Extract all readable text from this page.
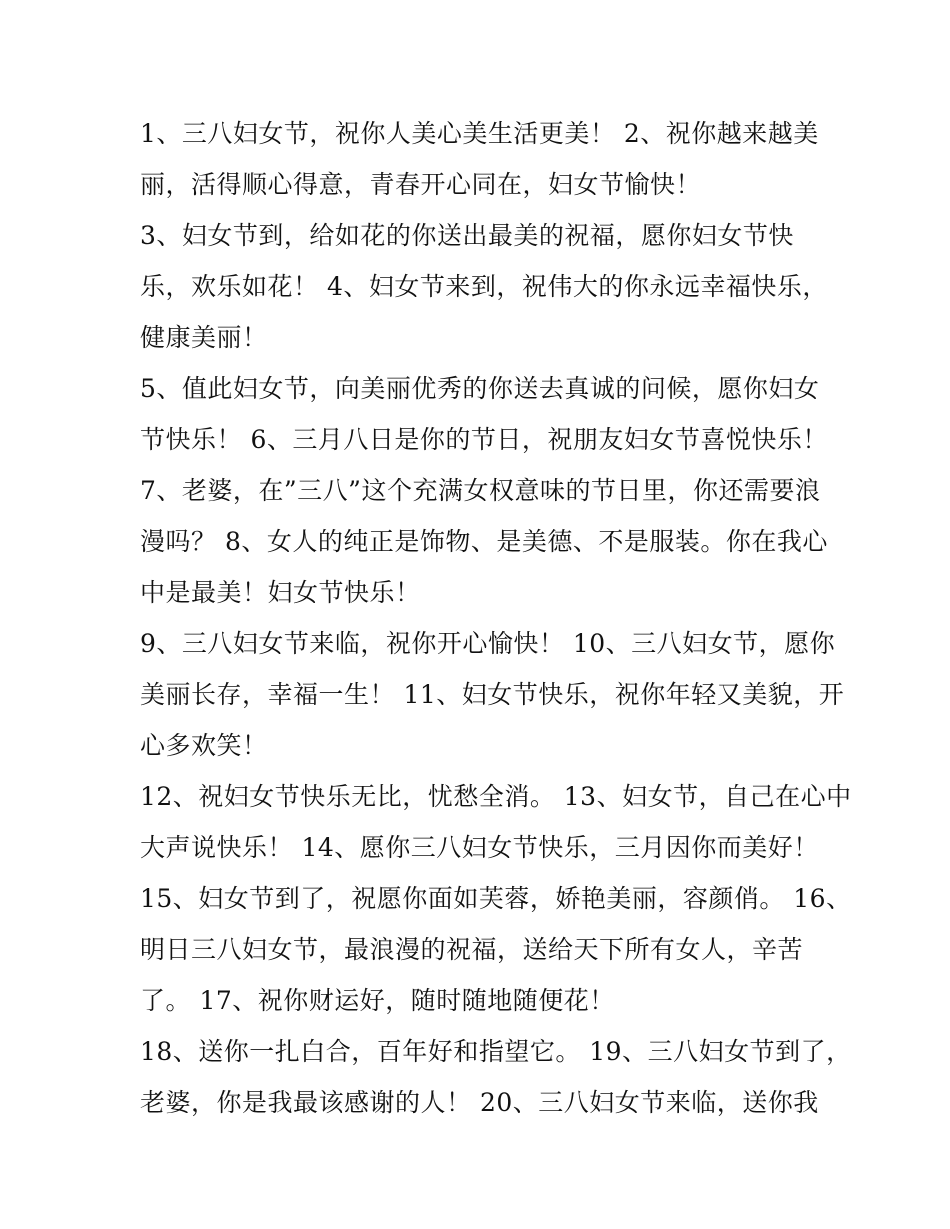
1、三八妇女节，祝你人美心美生活更美！ 2、祝你越来越美
丽，活得顺心得意，青春开心同在，妇女节愉快！
3、妇女节到，给如花的你送出最美的祝福，愿你妇女节快
乐，欢乐如花！ 4、妇女节来到，祝伟大的你永远幸福快乐，
健康美丽！
5、值此妇女节，向美丽优秀的你送去真诚的问候，愿你妇女
节快乐！ 6、三月八日是你的节日，祝朋友妇女节喜悦快乐！
7、老婆，在”三八”这个充满女权意味的节日里，你还需要浪
漫吗？ 8、女人的纯正是饰物、是美德、不是服装。你在我心
中是最美！妇女节快乐！
9、三八妇女节来临，祝你开心愉快！ 10、三八妇女节，愿你
美丽长存，幸福一生！ 11、妇女节快乐，祝你年轻又美貌，开
心多欢笑！
12、祝妇女节快乐无比，忧愁全消。 13、妇女节，自己在心中
大声说快乐！ 14、愿你三八妇女节快乐，三月因你而美好！
15、妇女节到了，祝愿你面如芙蓉，娇艳美丽，容颜俏。 16、
明日三八妇女节，最浪漫的祝福，送给天下所有女人，辛苦
了。 17、祝你财运好，随时随地随便花！
18、送你一扎白合，百年好和指望它。 19、三八妇女节到了，
老婆，你是我最该感谢的人！ 20、三八妇女节来临，送你我
